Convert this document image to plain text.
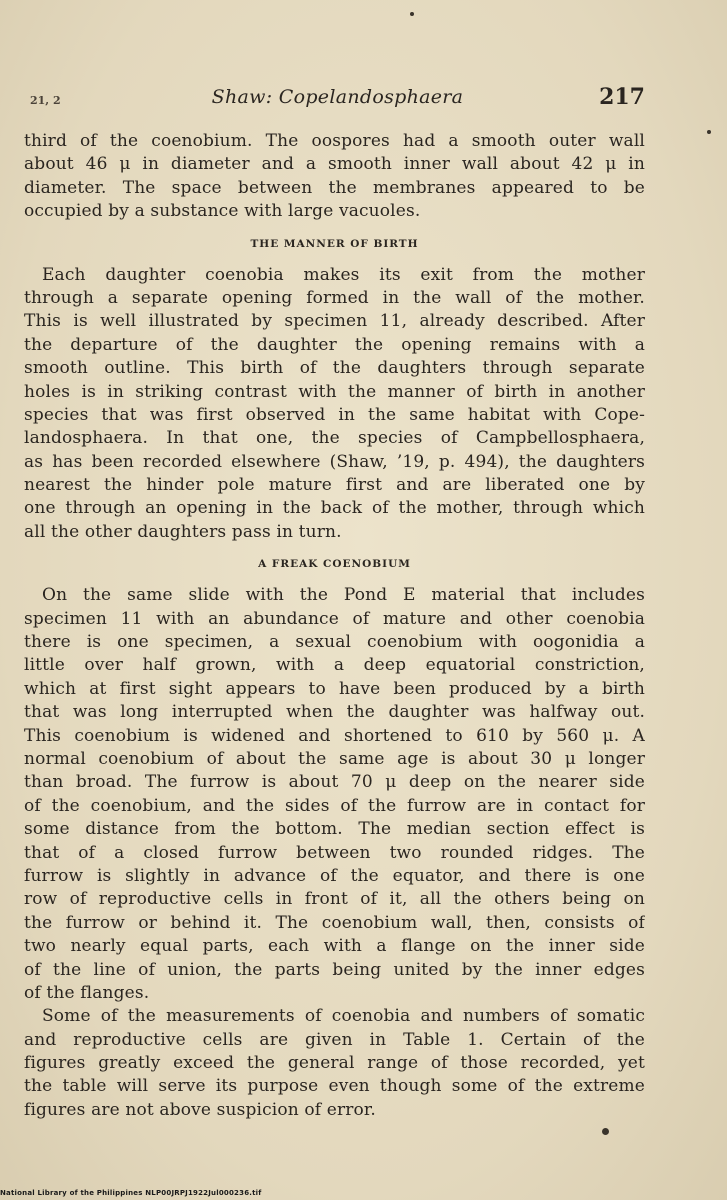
21, 2	Shaw: Copelandosphaera	217
third of the coenobium. The oospores had a smooth outer wall
about 46 μ in diameter and a smooth inner wall about 42 μ in
diameter. The space between the membranes appeared to be
occupied by a substance with large vacuoles.
THE MANNER OF BIRTH
Each daughter coenobia makes its exit from the mother
through a separate opening formed in the wall of the mother.
This is well illustrated by specimen 11, already described. After
the departure of the daughter the opening remains with a
smooth outline. This birth of the daughters through separate
holes is in striking contrast with the manner of birth in another
species that was first observed in the same habitat with Cope-
landosphaera. In that one, the species of Campbellosphaera,
as has been recorded elsewhere (Shaw, ’19, p. 494), the daughters
nearest the hinder pole mature first and are liberated one by
one through an opening in the back of the mother, through which
all the other daughters pass in turn.
A FREAK COENOBIUM
On the same slide with the Pond E material that includes
specimen 11 with an abundance of mature and other coenobia
there is one specimen, a sexual coenobium with oogonidia a
little over half grown, with a deep equatorial constriction,
which at first sight appears to have been produced by a birth
that was long interrupted when the daughter was halfway out.
This coenobium is widened and shortened to 610 by 560 μ. A
normal coenobium of about the same age is about 30 μ longer
than broad. The furrow is about 70 μ deep on the nearer side
of the coenobium, and the sides of the furrow are in contact for
some distance from the bottom. The median section effect is
that of a closed furrow between two rounded ridges. The
furrow is slightly in advance of the equator, and there is one
row of reproductive cells in front of it, all the others being on
the furrow or behind it. The coenobium wall, then, consists of
two nearly equal parts, each with a flange on the inner side
of the line of union, the parts being united by the inner edges
of the flanges.
Some of the measurements of coenobia and numbers of somatic
and reproductive cells are given in Table 1. Certain of the
figures greatly exceed the general range of those recorded, yet
the table will serve its purpose even though some of the extreme
figures are not above suspicion of error.
National Library of the Philippines NLP00JRPJ1922Jul000236.tif
